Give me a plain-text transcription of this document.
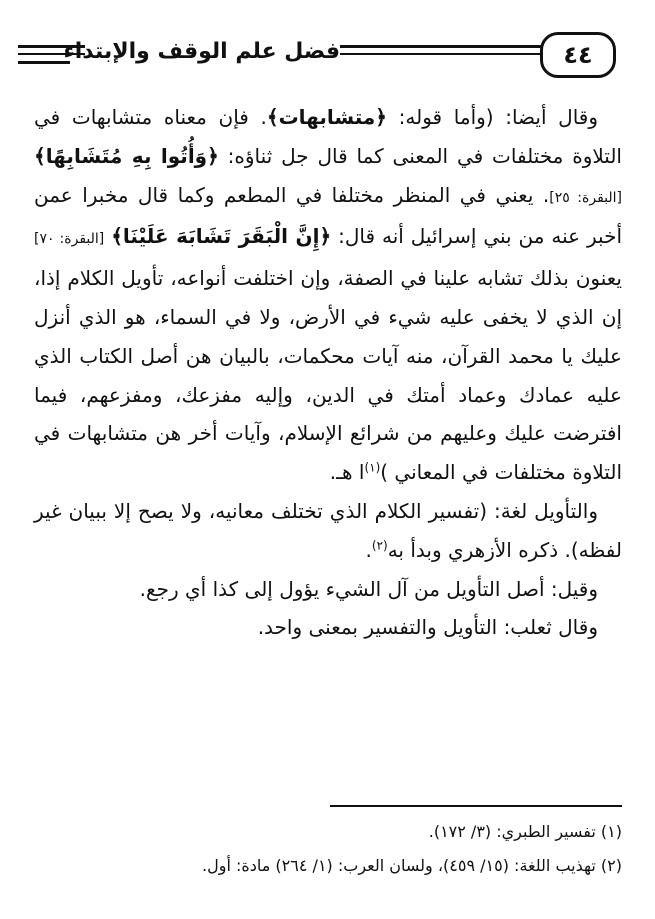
فضل علم الوقف والإبتداء	٤٤

وقال أيضا: (وأما قوله: ﴿متشابهات﴾. فإن معناه متشابهات في التلاوة مختلفات في المعنى كما قال جل ثناؤه: ﴿وَأُتُوا بِهِ مُتَشَابِهًا﴾ [البقرة: ٢٥]. يعني في المنظر مختلفا في المطعم وكما قال مخبرا عمن أخبر عنه من بني إسرائيل أنه قال: ﴿إِنَّ الْبَقَرَ تَشَابَهَ عَلَيْنَا﴾ [البقرة: ٧٠] يعنون بذلك تشابه علينا في الصفة، وإن اختلفت أنواعه، تأويل الكلام إذا، إن الذي لا يخفى عليه شيء في الأرض، ولا في السماء، هو الذي أنزل عليك يا محمد القرآن، منه آيات محكمات، بالبيان هن أصل الكتاب الذي عليه عمادك وعماد أمتك في الدين، وإليه مفزعك، ومفزعهم، فيما افترضت عليك وعليهم من شرائع الإسلام، وآيات أخر هن متشابهات في التلاوة مختلفات في المعاني )$^{(١)}$ا هـ.

والتأويل لغة: (تفسير الكلام الذي تختلف معانيه، ولا يصح إلا ببيان غير لفظه). ذكره الأزهري وبدأ به$^{(٢)}$.

وقيل: أصل التأويل من آل الشيء يؤول إلى كذا أي رجع.

وقال ثعلب: التأويل والتفسير بمعنى واحد.

(١) تفسير الطبري: (٣/ ١٧٢).
(٢) تهذيب اللغة: (١٥/ ٤٥٩)، ولسان العرب: (١/ ٢٦٤) مادة: أول.
